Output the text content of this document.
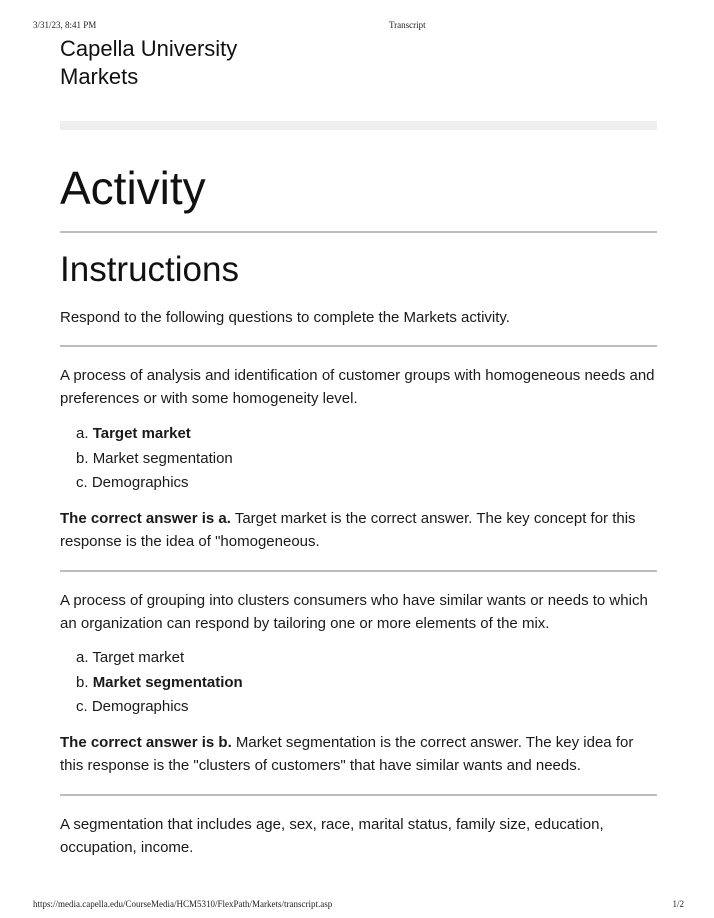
3/31/23, 8:41 PM	Transcript
Capella University
Markets
Activity
Instructions

Respond to the following questions to complete the Markets activity.

A process of analysis and identification of customer groups with homogeneous needs and preferences or with some homogeneity level.

a. Target market
b. Market segmentation
c. Demographics

The correct answer is a. Target market is the correct answer. The key concept for this response is the idea of "homogeneous.

A process of grouping into clusters consumers who have similar wants or needs to which an organization can respond by tailoring one or more elements of the mix.

a. Target market
b. Market segmentation
c. Demographics

The correct answer is b. Market segmentation is the correct answer. The key idea for this response is the "clusters of customers" that have similar wants and needs.

A segmentation that includes age, sex, race, marital status, family size, education, occupation, income.

https://media.capella.edu/CourseMedia/HCM5310/FlexPath/Markets/transcript.asp	1/2
